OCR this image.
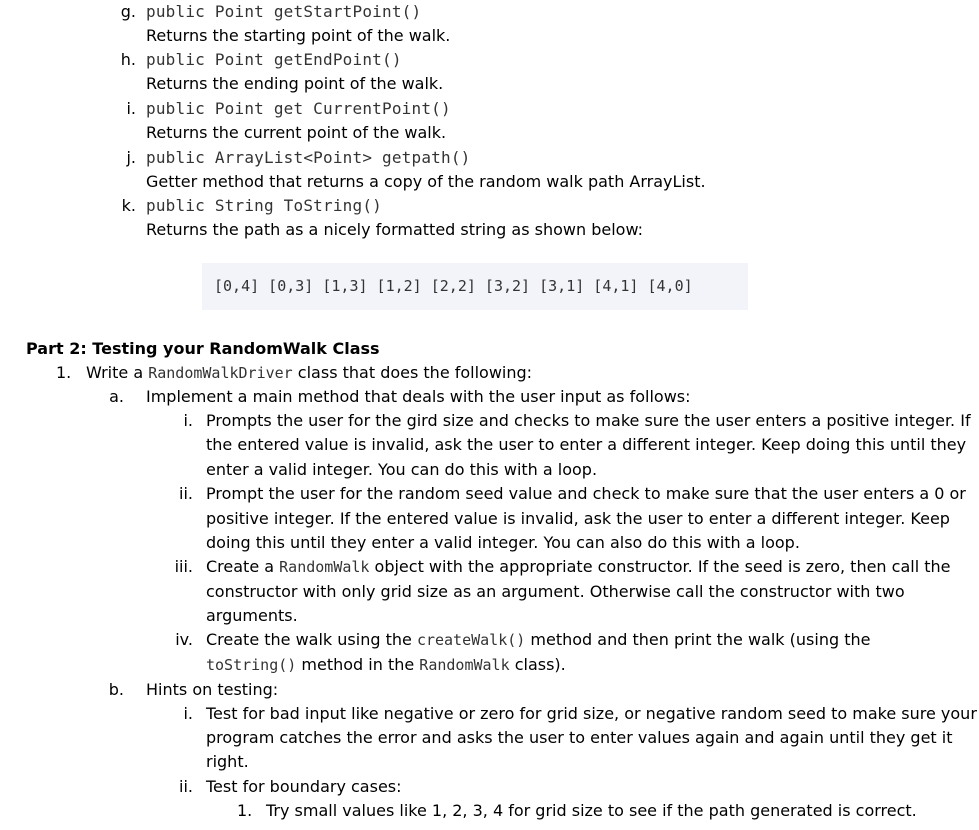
g. public Point getStartPoint()
Returns the starting point of the walk.
h. public Point getEndPoint()
Returns the ending point of the walk.
i. public Point get CurrentPoint()
Returns the current point of the walk.
j. public ArrayList<Point> getpath()
Getter method that returns a copy of the random walk path ArrayList.
k. public String ToString()
Returns the path as a nicely formatted string as shown below:
[0,4] [0,3] [1,3] [1,2] [2,2] [3,2] [3,1] [4,1] [4,0]
Part 2: Testing your RandomWalk Class
1. Write a RandomWalkDriver class that does the following:
a. Implement a main method that deals with the user input as follows:
i. Prompts the user for the gird size and checks to make sure the user enters a positive integer. If
the entered value is invalid, ask the user to enter a different integer. Keep doing this until they
enter a valid integer. You can do this with a loop.
ii. Prompt the user for the random seed value and check to make sure that the user enters a 0 or
positive integer. If the entered value is invalid, ask the user to enter a different integer. Keep
doing this until they enter a valid integer. You can also do this with a loop.
iii. Create a RandomWalk object with the appropriate constructor. If the seed is zero, then call the
constructor with only grid size as an argument. Otherwise call the constructor with two
arguments.
iv. Create the walk using the createWalk() method and then print the walk (using the
toString() method in the RandomWalk class).
b. Hints on testing:
i. Test for bad input like negative or zero for grid size, or negative random seed to make sure your
program catches the error and asks the user to enter values again and again until they get it
right.
ii. Test for boundary cases:
1. Try small values like 1, 2, 3, 4 for grid size to see if the path generated is correct.
